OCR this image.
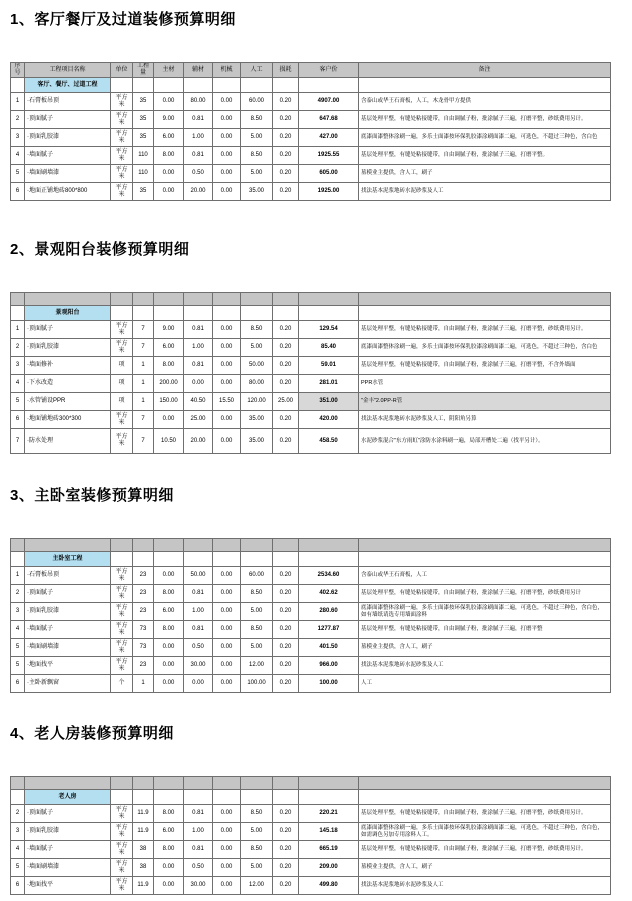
1、客厅餐厅及过道装修预算明细
序号	工程项目名称	单位	工程量	主材	辅材	机械	人工	损耗	客户价	备注
	客厅、餐厅、过道工程									
1	·石膏板吊顶	平方米	35	0.00	80.00	0.00	60.00	0.20	4907.00	含泰山或华王石膏板，人工，木龙骨甲方提供
2	·顶面腻子	平方米	35	9.00	0.81	0.00	8.50	0.20	647.68	基层处理平整，有缝处粘接缝带，自由调腻子粉，批涂腻子三遍，打磨平整，砂纸费用另计。
3	·顶面乳胶漆	平方米	35	6.00	1.00	0.00	5.00	0.20	427.00	底漆面漆整体涂刷一遍，多乐士面漆按环保乳胶漆涂刷面漆二遍，可选色，不超过三种色，含白色
4	·墙面腻子	平方米	110	8.00	0.81	0.00	8.50	0.20	1925.55	基层处理平整，有缝处粘接缝带，自由调腻子粉，批涂腻子三遍，打磨平整。
5	·墙面刷墙漆	平方米	110	0.00	0.50	0.00	5.00	0.20	605.00	墓模业主提供，含人工，刷子
6	·地面正铺地砖800*800	平方米	35	0.00	20.00	0.00	35.00	0.20	1925.00	找法基本泥浆地砖水泥砂浆及人工
2、景观阳台装修预算明细

	景观阳台									
1	·顶面腻子	平方米	7	9.00	0.81	0.00	8.50	0.20	129.54	基层处理平整，有缝处粘接缝带，自由调腻子粉，批涂腻子三遍，打磨平整，砂纸费用另计。
2	·顶面乳胶漆	平方米	7	6.00	1.00	0.00	5.00	0.20	85.40	底漆面漆整体涂刷一遍，多乐士面漆按环保乳胶漆涂刷面漆二遍，可选色，不超过三种色，含白色
3	·墙面修补	项	1	8.00	0.81	0.00	50.00	0.20	59.01	基层处理平整，有缝处粘接缝带，自由调腻子粉，批涂腻子三遍，打磨平整，不含外墙面
4	·下水改造	项	1	200.00	0.00	0.00	80.00	0.20	281.01	PPR水管
5	·水管铺设PPR	项	1	150.00	40.50	15.50	120.00	25.00	351.00	"金丰"2.0PP-R管
6	·地面铺地砖300*300	平方米	7	0.00	25.00	0.00	35.00	0.20	420.00	找法基本泥浆地砖水泥砂浆及人工，阴阳角另算
7	·防水处理	平方米	7	10.50	20.00	0.00	35.00	0.20	458.50	水泥砂浆混合"东方雨虹"涂防水涂料刷一遍，局部开槽处二遍（找平另计）。
3、主卧室装修预算明细

	主卧室工程									
1	·石膏板吊顶	平方米	23	0.00	50.00	0.00	60.00	0.20	2534.60	含泰山或华王石膏板，人工
2	·顶面腻子	平方米	23	8.00	0.81	0.00	8.50	0.20	402.62	基层处理平整，有缝处粘接缝带，自由调腻子粉，批涂腻子三遍，打磨平整，砂纸费用另计
3	·顶面乳胶漆	平方米	23	6.00	1.00	0.00	5.00	0.20	280.60	底漆面漆整体涂刷一遍，多乐士面漆按环保乳胶漆涂刷面漆二遍，可选色，不超过三种色，含白色，如有墙纸请选专用墙面涂料
4	·墙面腻子	平方米	73	8.00	0.81	0.00	8.50	0.20	1277.87	基层处理平整，有缝处粘接缝带，自由调腻子粉，批涂腻子三遍，打磨平整
5	·墙面刷墙漆	平方米	73	0.00	0.50	0.00	5.00	0.20	401.50	墓模业主提供，含人工，刷子
5	·地面找平	平方米	23	0.00	30.00	0.00	12.00	0.20	966.00	找法基本泥浆地砖水泥砂浆及人工
6	·主卧新飘窗	个	1	0.00	0.00	0.00	100.00	0.20	100.00	人工
4、老人房装修预算明细

	老人房									
2	·顶面腻子	平方米	11.9	8.00	0.81	0.00	8.50	0.20	220.21	基层处理平整，有缝处粘接缝带，自由调腻子粉，批涂腻子三遍，打磨平整，砂纸费用另计。
3	·顶面乳胶漆	平方米	11.9	6.00	1.00	0.00	5.00	0.20	145.18	底漆面漆整体涂刷一遍，多乐士面漆按环保乳胶漆涂刷面漆二遍，可选色，不超过三种色，含白色，如需调色另加专用涂料人工。
4	·墙面腻子	平方米	38	8.00	0.81	0.00	8.50	0.20	665.19	基层处理平整，有缝处粘接缝带，自由调腻子粉，批涂腻子三遍，打磨平整，砂纸费用另计。
5	·墙面刷墙漆	平方米	38	0.00	0.50	0.00	5.00	0.20	209.00	墓模业主提供，含人工，刷子
6	·地面找平	平方米	11.9	0.00	30.00	0.00	12.00	0.20	499.80	找法基本泥浆地砖水泥砂浆及人工
